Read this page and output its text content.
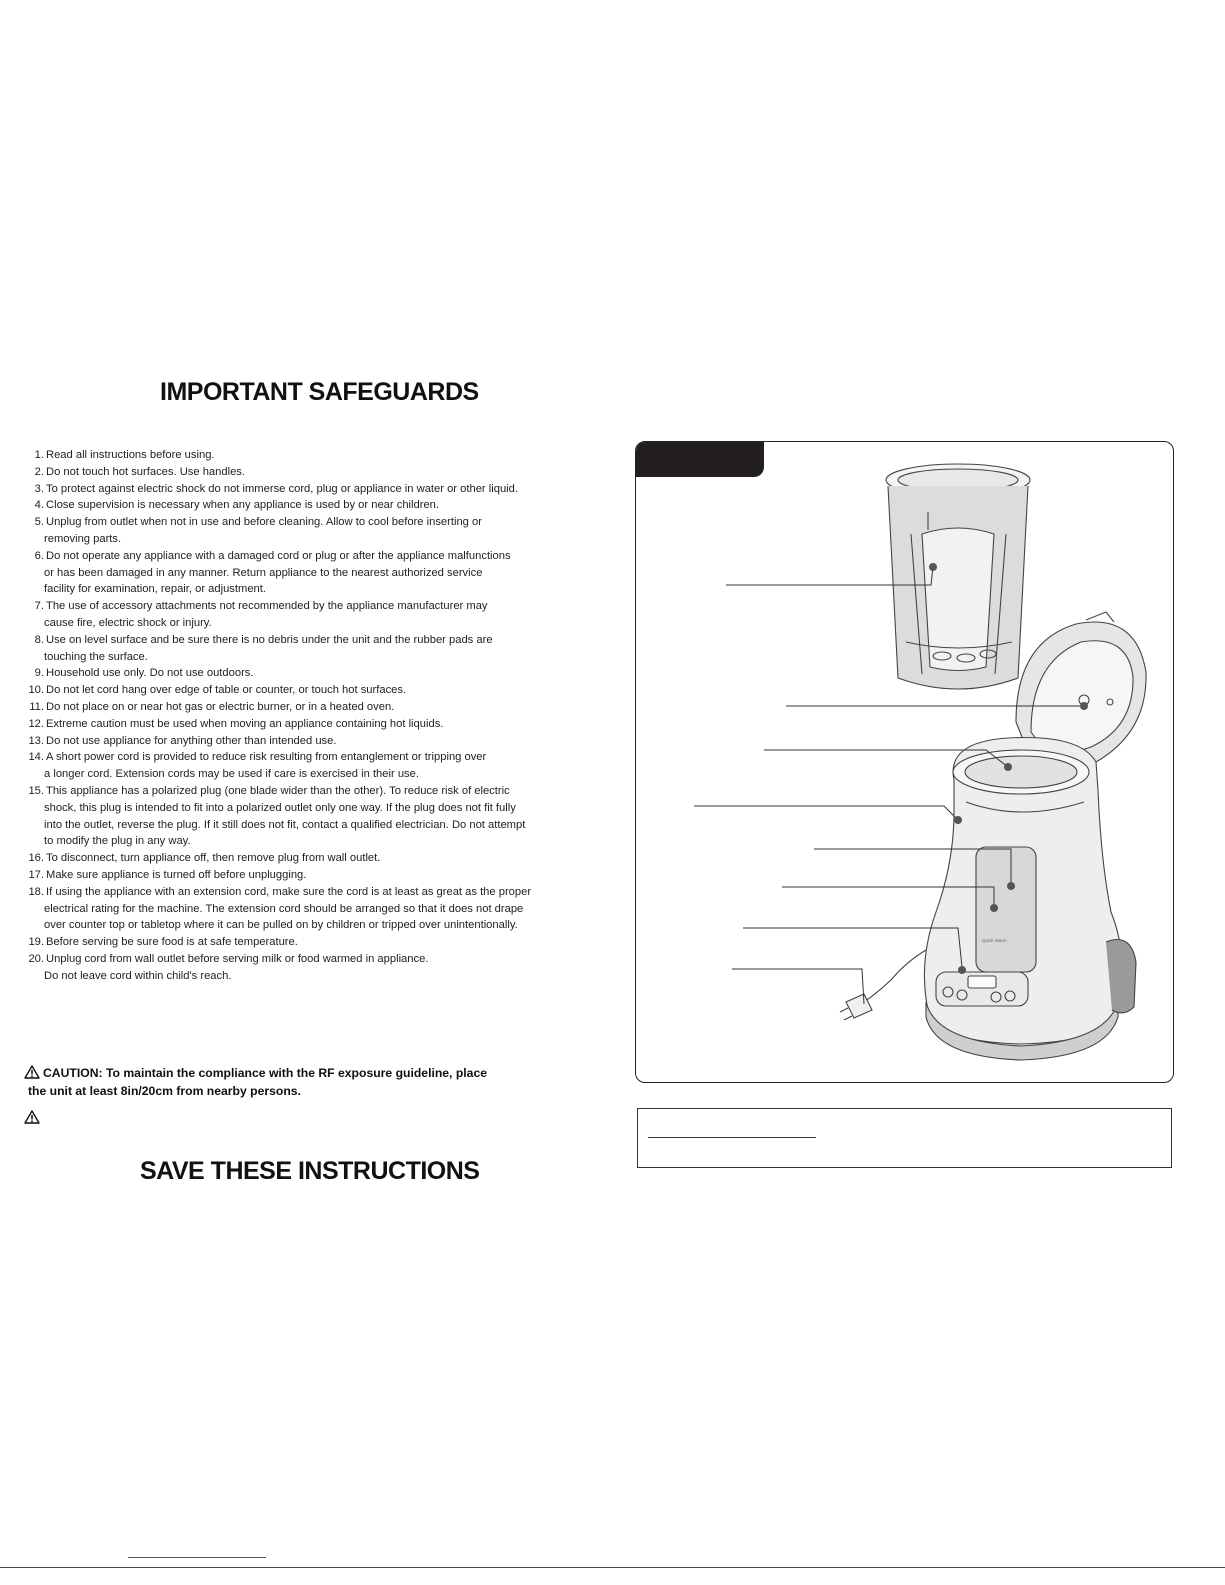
IMPORTANT SAFEGUARDS
1. Read all instructions before using.
2. Do not touch hot surfaces. Use handles.
3. To protect against electric shock do not immerse cord, plug or appliance in water or other liquid.
4. Close supervision is necessary when any appliance is used by or near children.
5. Unplug from outlet when not in use and before cleaning. Allow to cool before inserting or
removing parts.
6. Do not operate any appliance with a damaged cord or plug or after the appliance malfunctions
or has been damaged in any manner. Return appliance to the nearest authorized service
facility for examination, repair, or adjustment.
7. The use of accessory attachments not recommended by the appliance manufacturer may
cause fire, electric shock or injury.
8. Use on level surface and be sure there is no debris under the unit and the rubber pads are
touching the surface.
9. Household use only. Do not use outdoors.
10. Do not let cord hang over edge of table or counter, or touch hot surfaces.
11. Do not place on or near hot gas or electric burner, or in a heated oven.
12. Extreme caution must be used when moving an appliance containing hot liquids.
13. Do not use appliance for anything other than intended use.
14. A short power cord is provided to reduce risk resulting from entanglement or tripping over
a longer cord. Extension cords may be used if care is exercised in their use.
15. This appliance has a polarized plug (one blade wider than the other). To reduce risk of electric
shock, this plug is intended to fit into a polarized outlet only one way. If the plug does not fit fully
into the outlet, reverse the plug. If it still does not fit, contact a qualified electrician. Do not attempt
to modify the plug in any way.
16. To disconnect, turn appliance off, then remove plug from wall outlet.
17. Make sure appliance is turned off before unplugging.
18. If using the appliance with an extension cord, make sure the cord is at least as great as the proper
electrical rating for the machine. The extension cord should be arranged so that it does not drape
over counter top or tabletop where it can be pulled on by children or tripped over unintentionally.
19. Before serving be sure food is at safe temperature.
20. Unplug cord from wall outlet before serving milk or food warmed in appliance.
Do not leave cord within child's reach.
CAUTION: To maintain the compliance with the RF exposure guideline, place
the unit at least 8in/20cm from nearby persons.
SAVE THESE INSTRUCTIONS
Quick Warm
